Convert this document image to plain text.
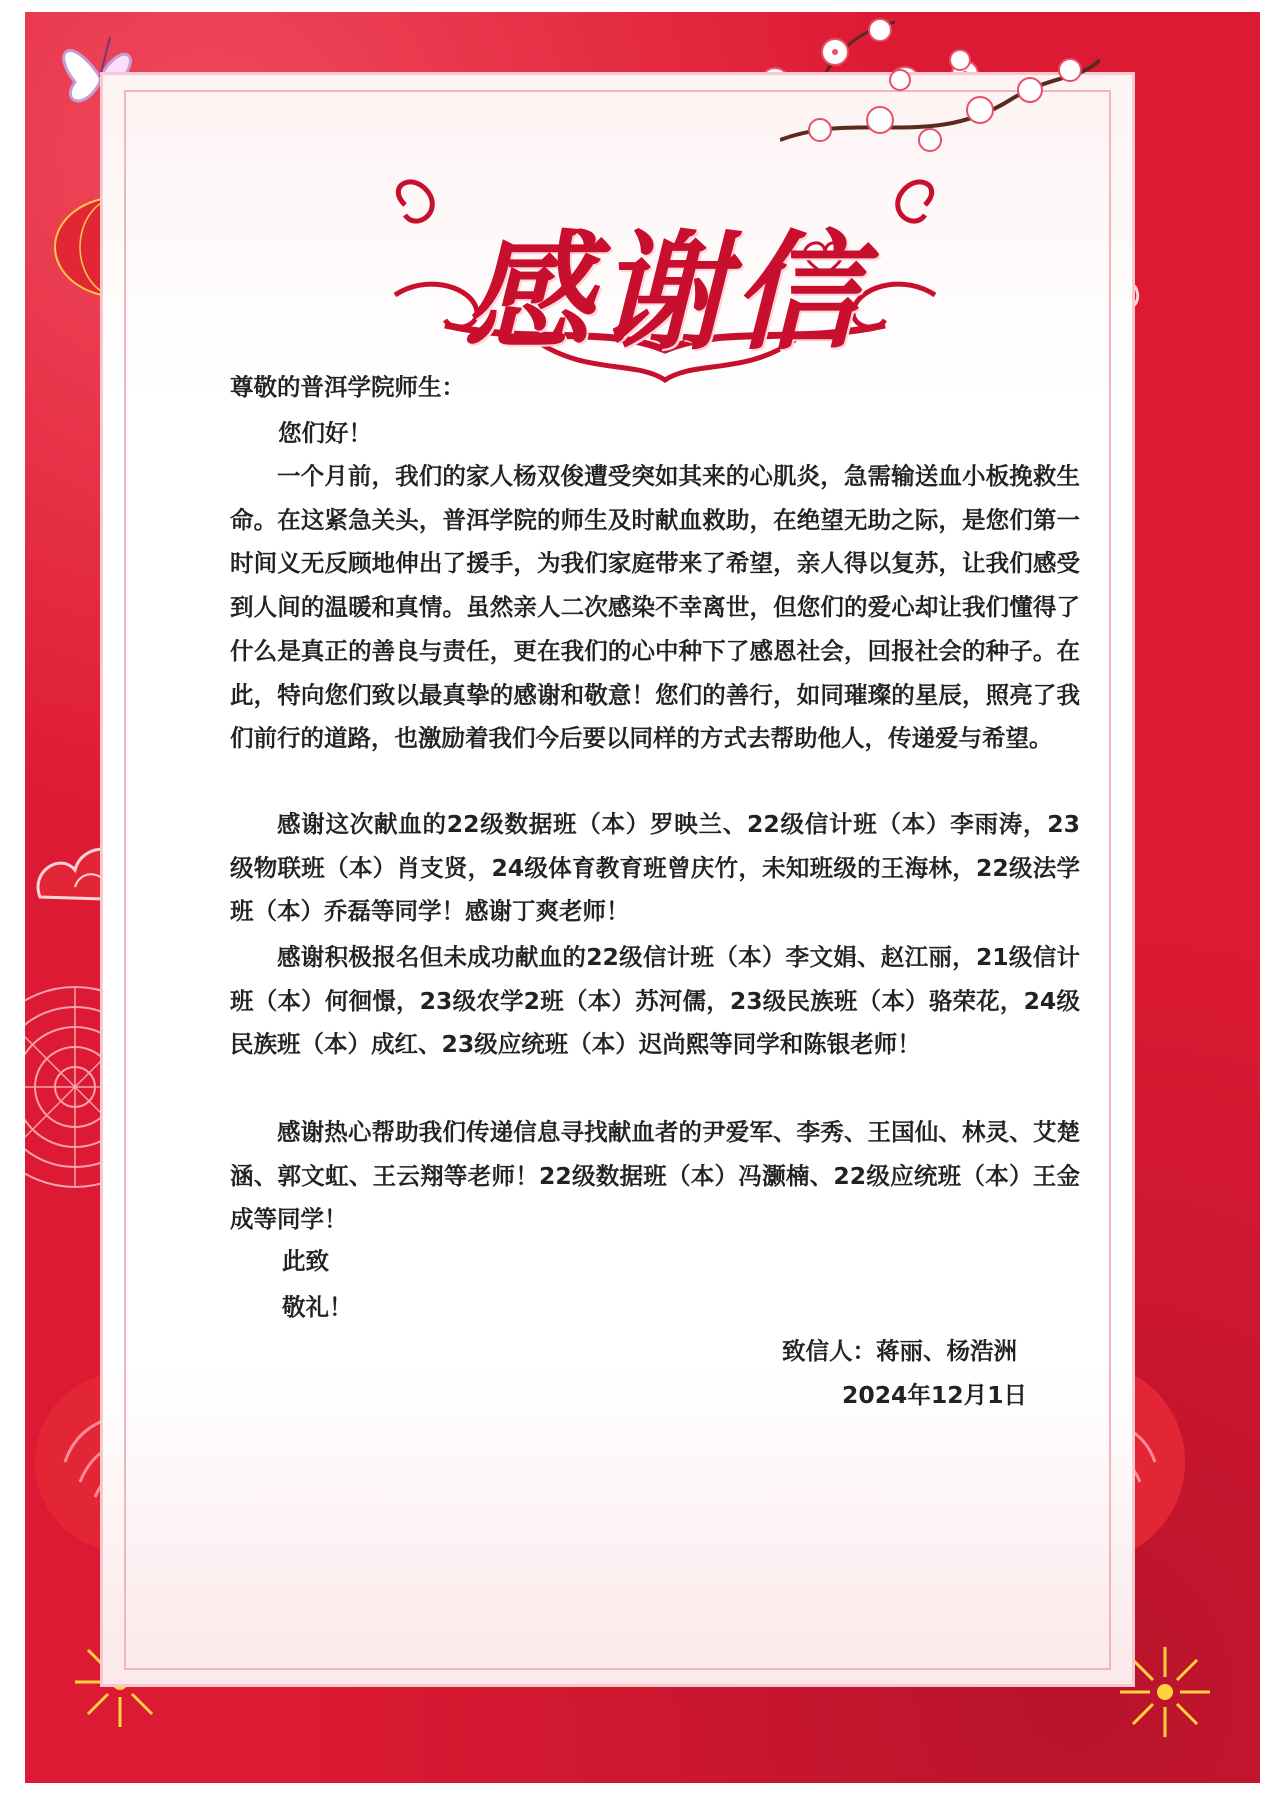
感谢信
尊敬的普洱学院师生：
您们好！
一个月前，我们的家人杨双俊遭受突如其来的心肌炎，急需输送血小板挽救生命。在这紧急关头，普洱学院的师生及时献血救助，在绝望无助之际，是您们第一时间义无反顾地伸出了援手，为我们家庭带来了希望，亲人得以复苏，让我们感受到人间的温暖和真情。虽然亲人二次感染不幸离世，但您们的爱心却让我们懂得了什么是真正的善良与责任，更在我们的心中种下了感恩社会，回报社会的种子。在此，特向您们致以最真挚的感谢和敬意！您们的善行，如同璀璨的星辰，照亮了我们前行的道路，也激励着我们今后要以同样的方式去帮助他人，传递爱与希望。
感谢这次献血的22级数据班（本）罗映兰、22级信计班（本）李雨涛，23级物联班（本）肖支贤，24级体育教育班曾庆竹，未知班级的王海林，22级法学班（本）乔磊等同学！感谢丁爽老师！
感谢积极报名但未成功献血的22级信计班（本）李文娟、赵江丽，21级信计班（本）何徊憬，23级农学2班（本）苏河儒，23级民族班（本）骆荣花，24级民族班（本）成红、23级应统班（本）迟尚熙等同学和陈银老师！
感谢热心帮助我们传递信息寻找献血者的尹爱军、李秀、王国仙、林灵、艾楚涵、郭文虹、王云翔等老师！22级数据班（本）冯灏楠、22级应统班（本）王金成等同学！
此致
敬礼！
致信人：蒋丽、杨浩洲
2024年12月1日
